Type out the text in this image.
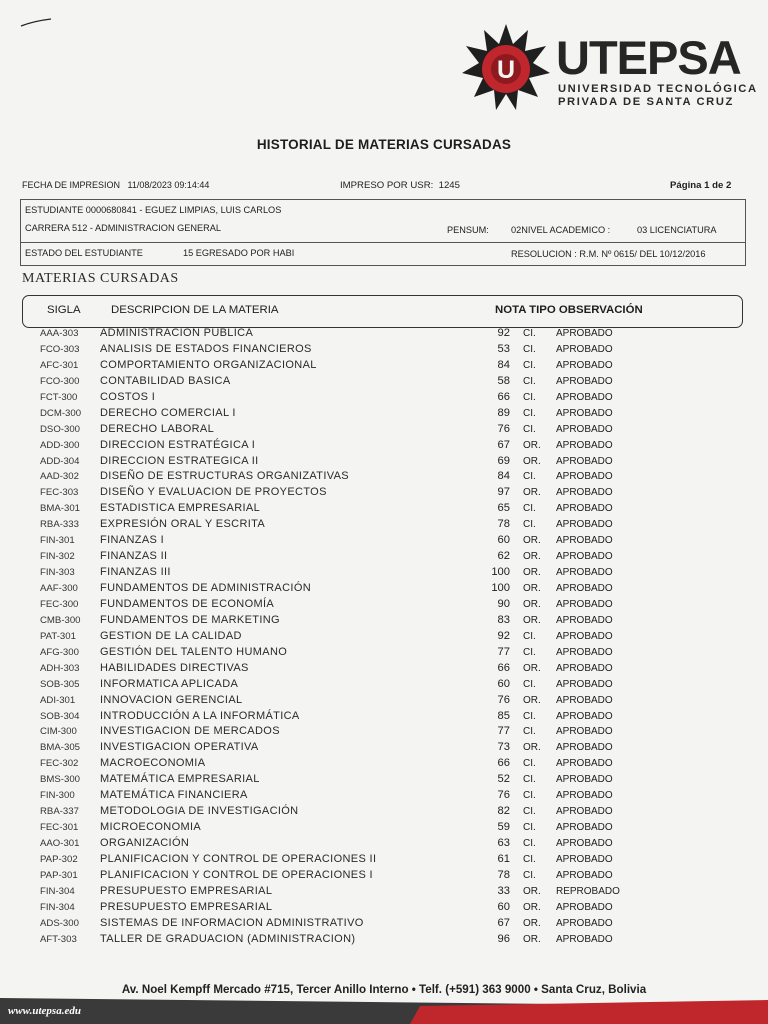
U UTEPSA
UNIVERSIDAD TECNOLÓGICA
PRIVADA DE SANTA CRUZ
HISTORIAL DE MATERIAS CURSADAS
FECHA DE IMPRESION 11/08/2023 09:14:44	IMPRESO POR USR: 1245	Página 1 de 2
ESTUDIANTE 0000680841 - EGUEZ LIMPIAS, LUIS CARLOS
CARRERA 512 - ADMINISTRACION GENERAL	PENSUM: 02NIVEL ACADEMICO :	03 LICENCIATURA
ESTADO DEL ESTUDIANTE	15 EGRESADO POR HABI	RESOLUCION : R.M. Nº 0615/ DEL 10/12/2016
MATERIAS CURSADAS
SIGLA	DESCRIPCION DE LA MATERIA	NOTA TIPO OBSERVACIÓN
AAA-303 ADMINISTRACION PUBLICA	92 CI. APROBADO
FCO-303 ANALISIS DE ESTADOS FINANCIEROS	53 CI. APROBADO
AFC-301 COMPORTAMIENTO ORGANIZACIONAL	84 CI. APROBADO
FCO-300 CONTABILIDAD BASICA	58 CI. APROBADO
FCT-300 COSTOS I	66 CI. APROBADO
DCM-300 DERECHO COMERCIAL I	89 CI. APROBADO
DSO-300 DERECHO LABORAL	76 CI. APROBADO
ADD-300 DIRECCION ESTRATÉGICA I	67 OR. APROBADO
ADD-304 DIRECCION ESTRATEGICA II	69 OR. APROBADO
AAD-302 DISEÑO DE ESTRUCTURAS ORGANIZATIVAS	84 CI. APROBADO
FEC-303 DISEÑO Y EVALUACION DE PROYECTOS	97 OR. APROBADO
BMA-301 ESTADISTICA EMPRESARIAL	65 CI. APROBADO
RBA-333 EXPRESIÓN ORAL Y ESCRITA	78 CI. APROBADO
FIN-301 FINANZAS I	60 OR. APROBADO
FIN-302 FINANZAS II	62 OR. APROBADO
FIN-303 FINANZAS III	100 OR. APROBADO
AAF-300 FUNDAMENTOS DE ADMINISTRACIÓN	100 OR. APROBADO
FEC-300 FUNDAMENTOS DE ECONOMÍA	90 OR. APROBADO
CMB-300 FUNDAMENTOS DE MARKETING	83 OR. APROBADO
PAT-301 GESTION DE LA CALIDAD	92 CI. APROBADO
AFG-300 GESTIÓN DEL TALENTO HUMANO	77 CI. APROBADO
ADH-303 HABILIDADES DIRECTIVAS	66 OR. APROBADO
SOB-305 INFORMATICA APLICADA	60 CI. APROBADO
ADI-301 INNOVACION GERENCIAL	76 OR. APROBADO
SOB-304 INTRODUCCIÓN A LA INFORMÁTICA	85 CI. APROBADO
CIM-300 INVESTIGACION DE MERCADOS	77 CI. APROBADO
BMA-305 INVESTIGACION OPERATIVA	73 OR. APROBADO
FEC-302 MACROECONOMIA	66 CI. APROBADO
BMS-300 MATEMÁTICA EMPRESARIAL	52 CI. APROBADO
FIN-300 MATEMÁTICA FINANCIERA	76 CI. APROBADO
RBA-337 METODOLOGIA DE INVESTIGACIÓN	82 CI. APROBADO
FEC-301 MICROECONOMIA	59 CI. APROBADO
AAO-301 ORGANIZACIÓN	63 CI. APROBADO
PAP-302 PLANIFICACION Y CONTROL DE OPERACIONES II	61 CI. APROBADO
PAP-301 PLANIFICACION Y CONTROL DE OPERACIONES I	78 CI. APROBADO
FIN-304 PRESUPUESTO EMPRESARIAL	33 OR. REPROBADO
FIN-304 PRESUPUESTO EMPRESARIAL	60 OR. APROBADO
ADS-300 SISTEMAS DE INFORMACION ADMINISTRATIVO	67 OR. APROBADO
AFT-303 TALLER DE GRADUACION (ADMINISTRACION)	96 OR. APROBADO
Av. Noel Kempff Mercado #715, Tercer Anillo Interno • Telf. (+591) 363 9000 • Santa Cruz, Bolivia
www.utepsa.edu
